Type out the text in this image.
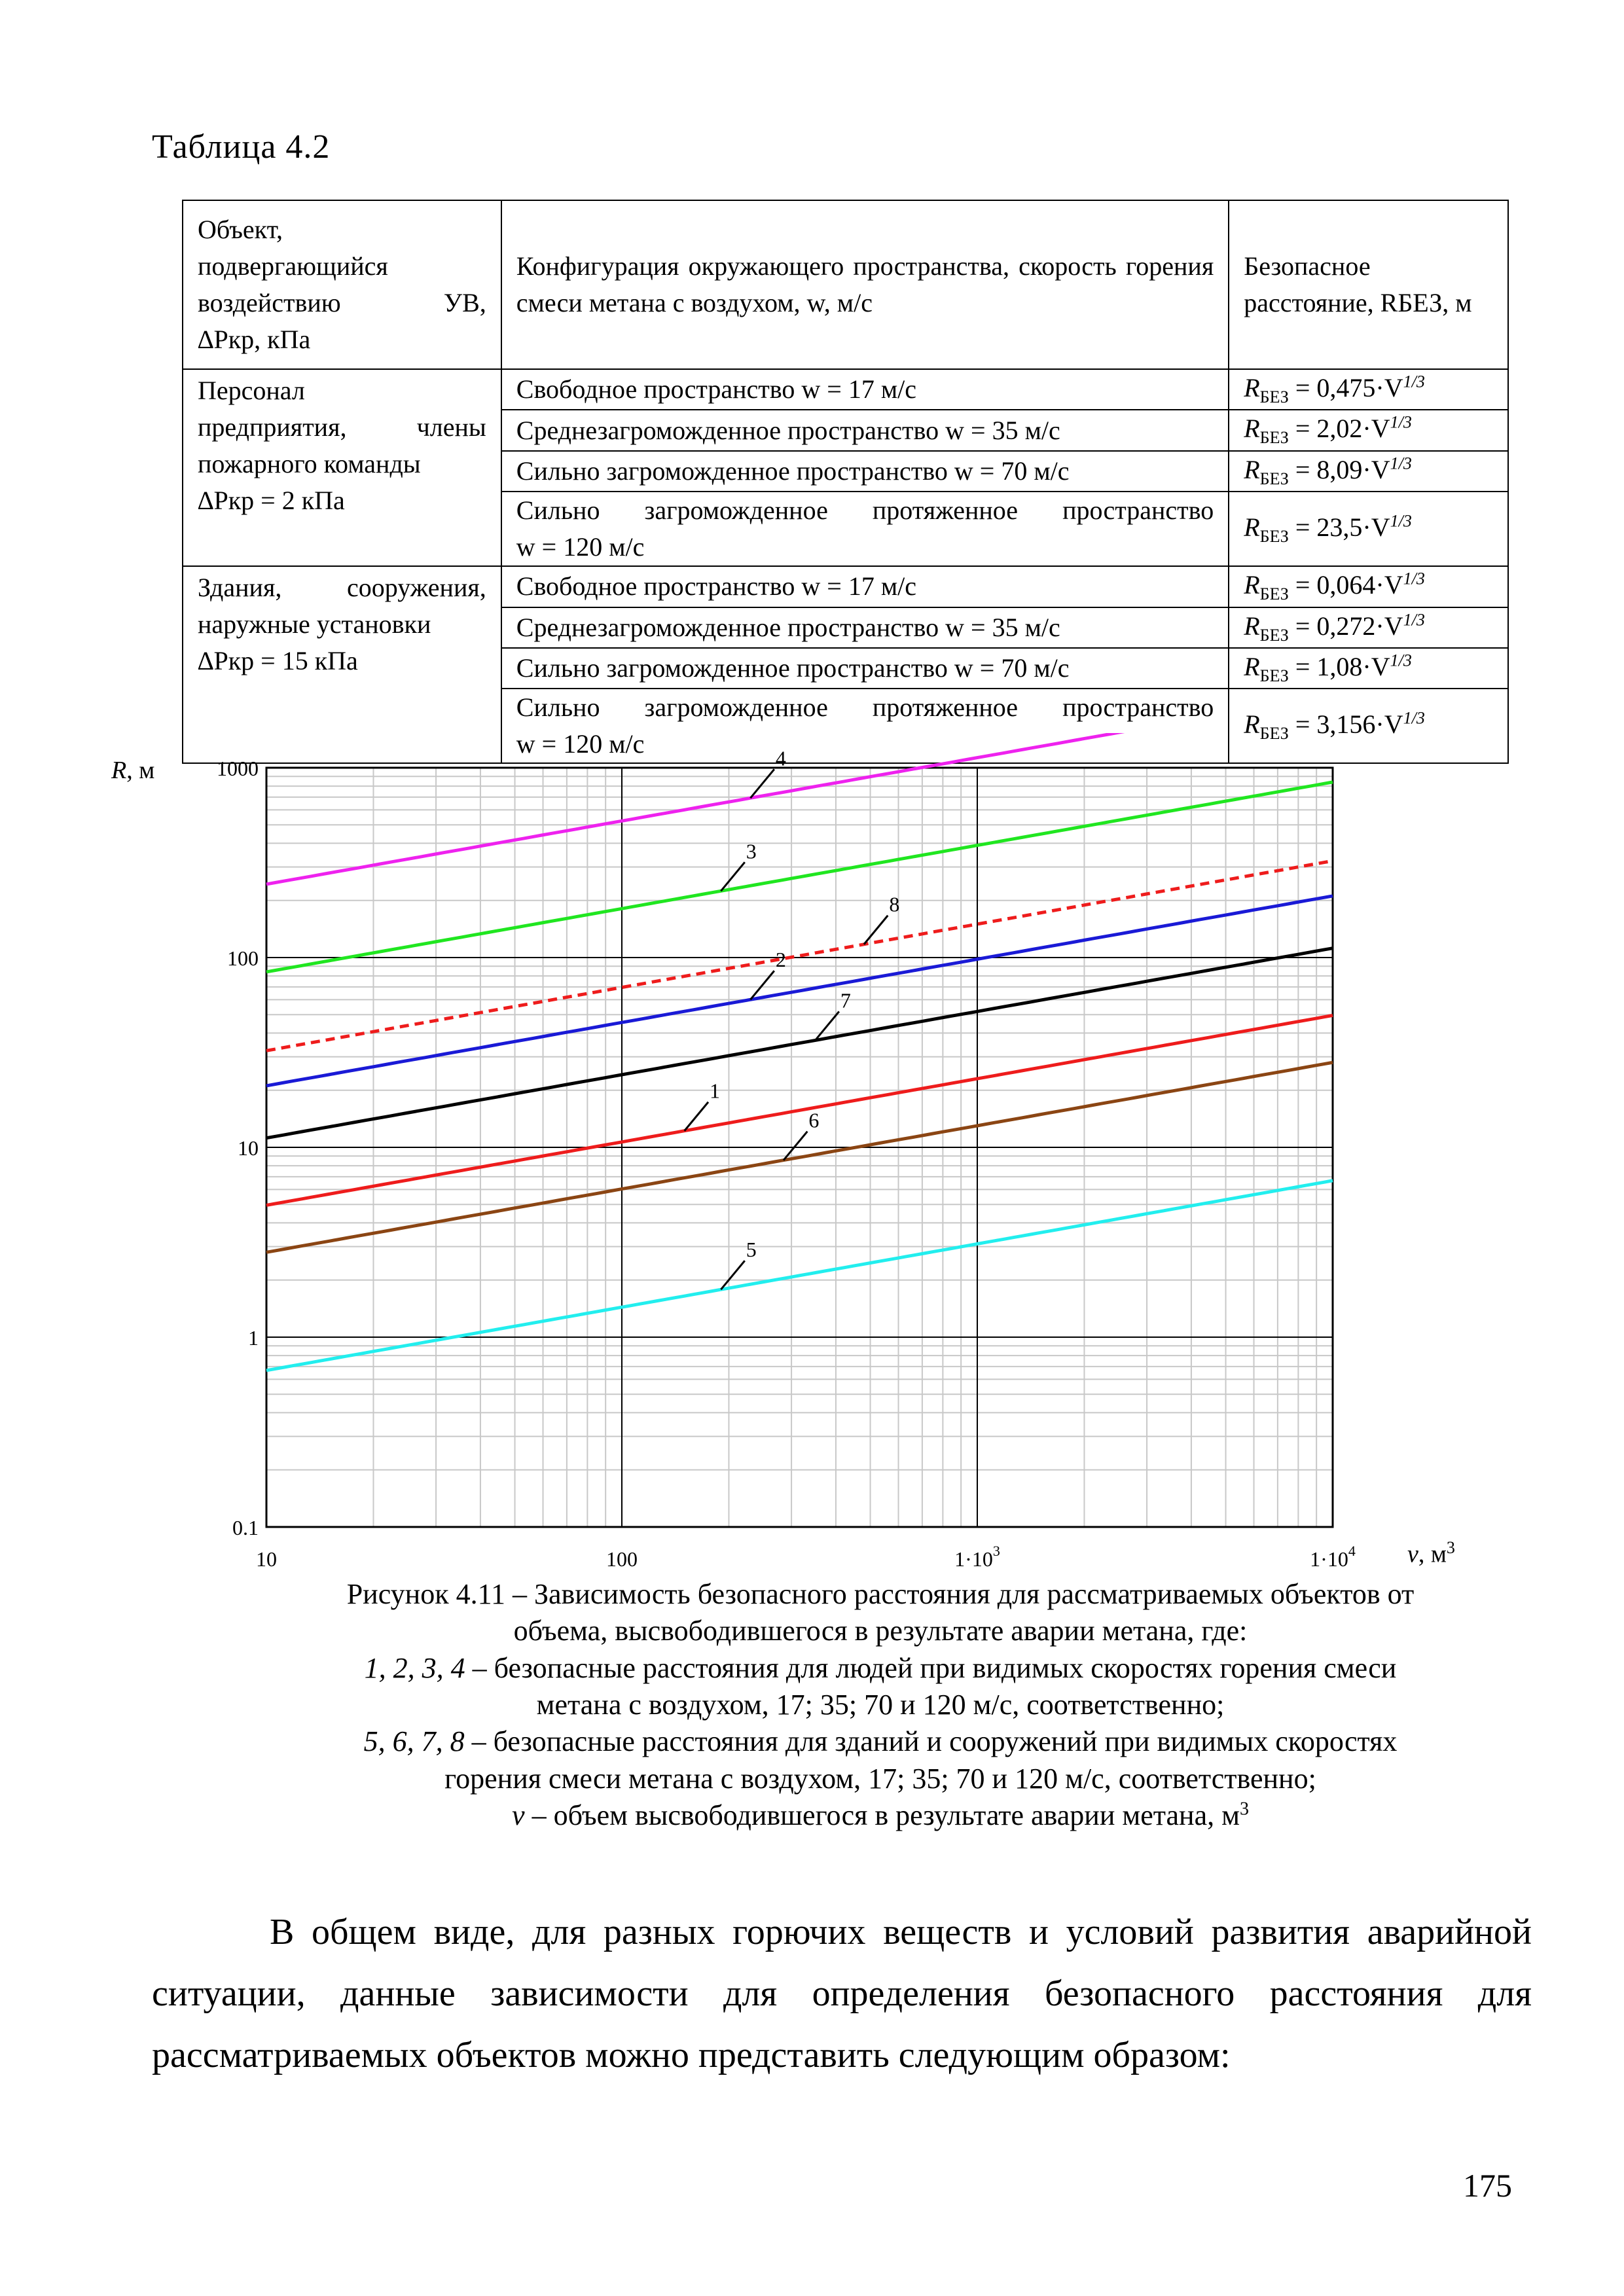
Таблица 4.2
Объект,
подвергающийся
воздействию УВ,
∆Pкр, кПа	Конфигурация окружающего пространства, скорость горения смеси метана с воздухом, w, м/с	Безопасное расстояние, RБЕЗ, м

Персонал
предприятия, члены
пожарного команды
∆Pкр = 2 кПа	Свободное пространство w = 17 м/с	$R_{БЕЗ} = 0,475\cdot V^{1/3}$
	Среднезагроможденное пространство w = 35 м/с	$R_{БЕЗ} = 2,02\cdot V^{1/3}$
	Сильно загроможденное пространство w = 70 м/с	$R_{БЕЗ} = 8,09\cdot V^{1/3}$

	Сильно загроможденное протяженное пространство
w = 120 м/с	$R_{БЕЗ} = 23,5\cdot V^{1/3}$

Здания, сооружения,
наружные установки
∆Pкр = 15 кПа	Свободное пространство w = 17 м/с	$R_{БЕЗ} = 0,064\cdot V^{1/3}$
	Среднезагроможденное пространство w = 35 м/с	$R_{БЕЗ} = 0,272\cdot V^{1/3}$
	Сильно загроможденное пространство w = 70 м/с	$R_{БЕЗ} = 1,08\cdot V^{1/3}$

	Сильно загроможденное протяженное пространство
w = 120 м/с	$R_{БЕЗ} = 3,156\cdot V^{1/3}$
0.1
1
10
100
1000
10	100	$1\cdot 10^3$	$1\cdot 10^4$
1
2
3
4
5
6
7
8
R, м
v, $м^3$
Рисунок 4.11 – Зависимость безопасного расстояния для рассматриваемых объектов от
объема, высвободившегося в результате аварии метана, где:
1, 2, 3, 4 – безопасные расстояния для людей при видимых скоростях горения смеси
метана с воздухом, 17; 35; 70 и 120 м/с, соответственно;
5, 6, 7, 8 – безопасные расстояния для зданий и сооружений при видимых скоростях
горения смеси метана с воздухом, 17; 35; 70 и 120 м/с, соответственно;
v – объем высвободившегося в результате аварии метана, $м^3$

В общем виде, для разных горючих веществ и условий развития аварийной ситуации, данные зависимости для определения безопасного расстояния для рассматриваемых объектов можно представить следующим образом:

175
